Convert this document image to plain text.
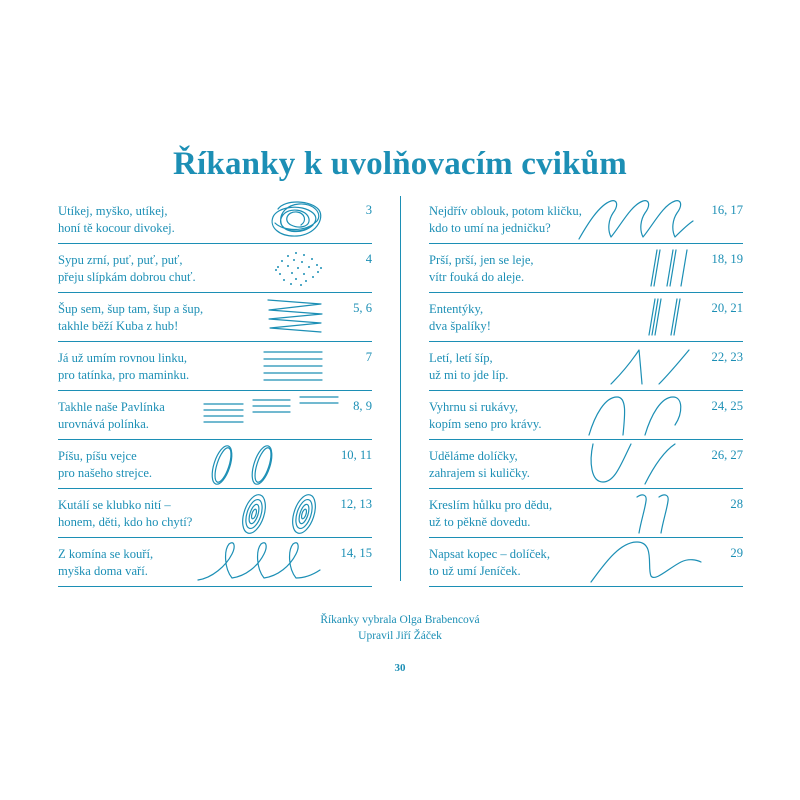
Říkanky k uvolňovacím cvikům
Utíkej, myško, utíkej,
honí tě kocour divokej.
3
Sypu zrní, puť, puť, puť,
přeju slípkám dobrou chuť.
4
Šup sem, šup tam, šup a šup,
takhle běží Kuba z hub!
5, 6
Já už umím rovnou linku,
pro tatínka, pro maminku.
7
Takhle naše Pavlínka
urovnává polínka.
8, 9
Píšu, píšu vejce
pro našeho strejce.
10, 11
Kutálí se klubko nití –
honem, děti, kdo ho chytí?
12, 13
Z komína se kouří,
myška doma vaří.
14, 15
Nejdřív oblouk, potom kličku,
kdo to umí na jedničku?
16, 17
Prší, prší, jen se leje,
vítr fouká do aleje.
18, 19
Ententýky,
dva špalíky!
20, 21
Letí, letí šíp,
už mi to jde líp.
22, 23
Vyhrnu si rukávy,
kopím seno pro krávy.
24, 25
Uděláme dolíčky,
zahrajem si kuličky.
26, 27
Kreslím hůlku pro dědu,
už to pěkně dovedu.
28
Napsat kopec – dolíček,
to už umí Jeníček.
29
Říkanky vybrala Olga Brabencová
Upravil Jiří Žáček
30
